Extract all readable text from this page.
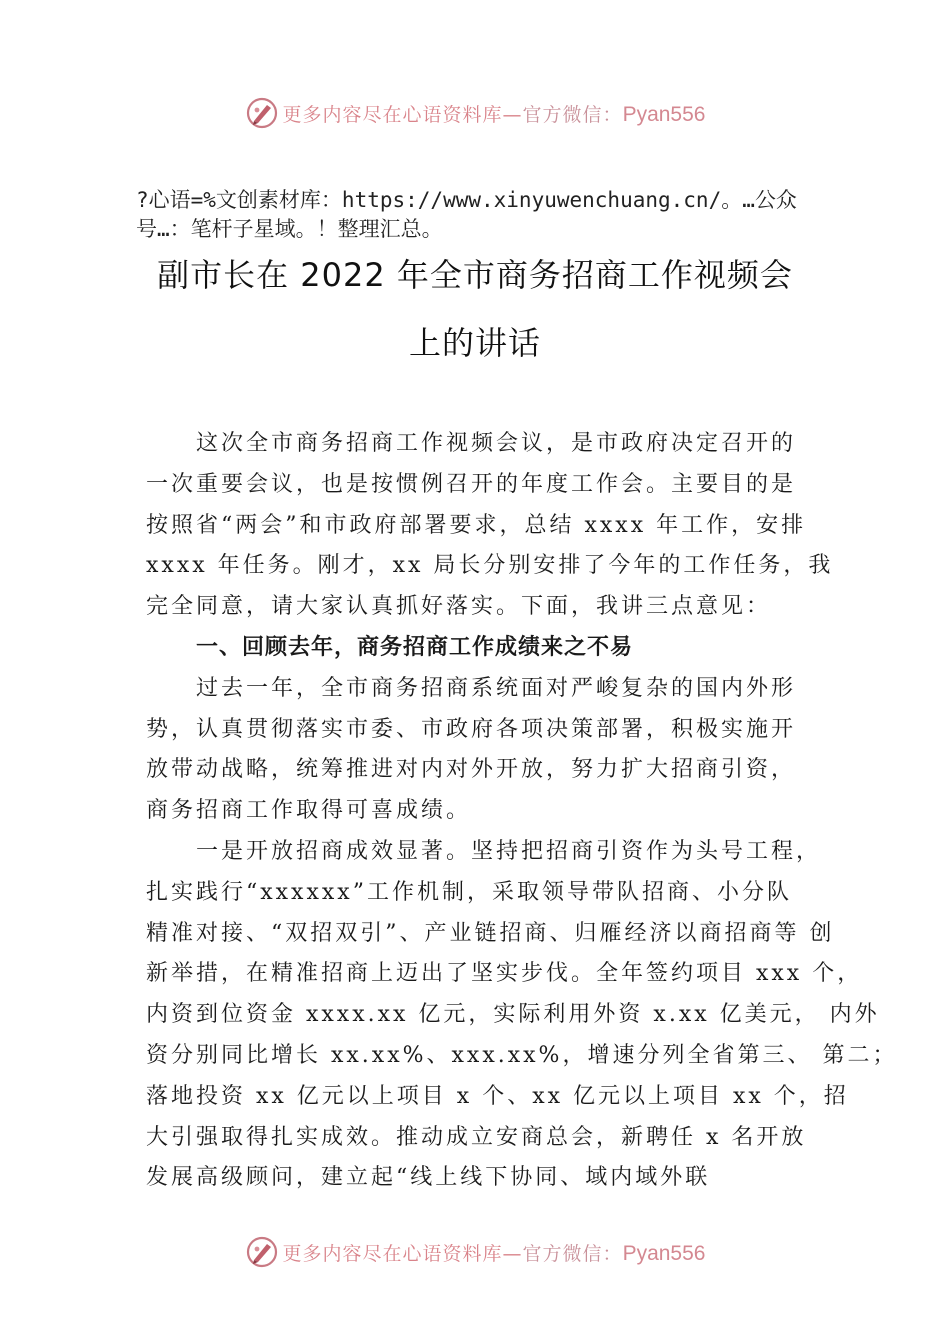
更多内容尽在心语资料库—官方微信：Pyan556
?心语=%文创素材库：https://www.xinyuwenchuang.cn/。…公众号…：笔杆子星域。！整理汇总。
副市长在 2022 年全市商务招商工作视频会
上的讲话
这次全市商务招商工作视频会议，是市政府决定召开的
一次重要会议，也是按惯例召开的年度工作会。主要目的是
按照省“两会”和市政府部署要求，总结 xxxx 年工作，安排
xxxx 年任务。刚才，xx 局长分别安排了今年的工作任务，我
完全同意，请大家认真抓好落实。下面，我讲三点意见：
一、回顾去年，商务招商工作成绩来之不易
过去一年，全市商务招商系统面对严峻复杂的国内外形
势，认真贯彻落实市委、市政府各项决策部署，积极实施开
放带动战略，统筹推进对内对外开放，努力扩大招商引资，
商务招商工作取得可喜成绩。
一是开放招商成效显著。坚持把招商引资作为头号工程，
扎实践行“xxxxxx”工作机制，采取领导带队招商、小分队
精准对接、“双招双引”、产业链招商、归雁经济以商招商等 创
新举措，在精准招商上迈出了坚实步伐。全年签约项目 xxx 个，
内资到位资金 xxxx.xx 亿元，实际利用外资 x.xx 亿美元， 内外
资分别同比增长 xx.xx%、xxx.xx%，增速分列全省第三、 第二；
落地投资 xx 亿元以上项目 x 个、xx 亿元以上项目 xx 个，招
大引强取得扎实成效。推动成立安商总会，新聘任 x 名开放
发展高级顾问，建立起“线上线下协同、域内域外联
更多内容尽在心语资料库—官方微信：Pyan556
